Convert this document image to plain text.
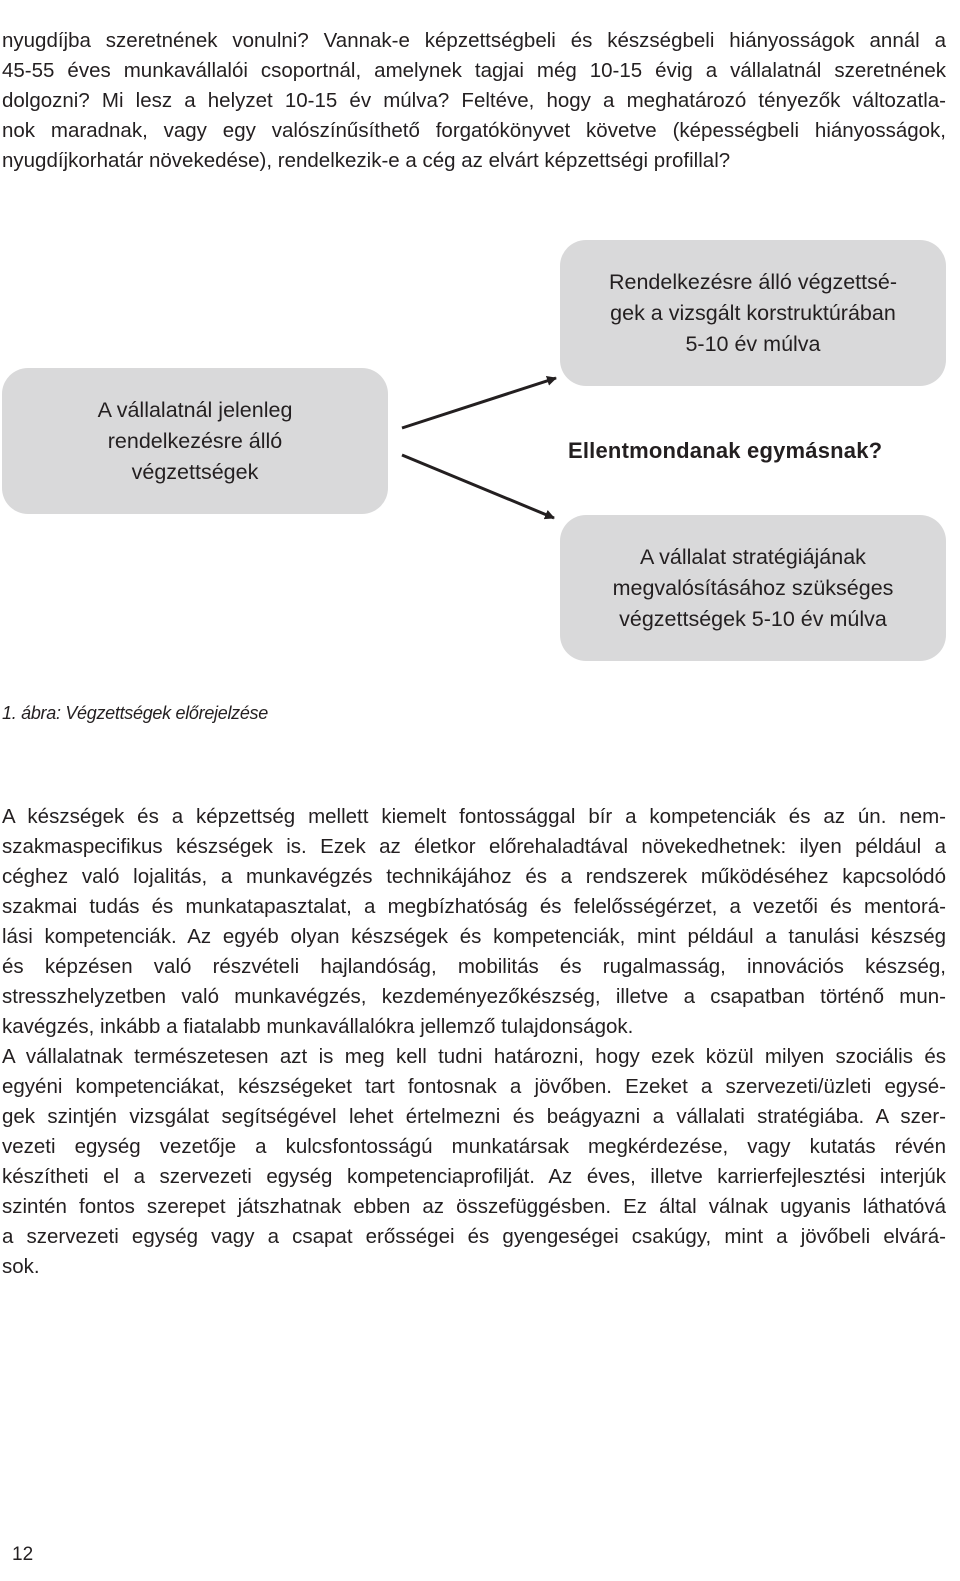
nyugdíjba szeretnének vonulni? Vannak-e képzettségbeli és készségbeli hiányosságok annál a
45-55 éves munkavállalói csoportnál, amelynek tagjai még 10-15 évig a vállalatnál szeretnének
dolgozni? Mi lesz a helyzet 10-15 év múlva? Feltéve, hogy a meghatározó tényezők változatla-
nok maradnak, vagy egy valószínűsíthető forgatókönyvet követve (képességbeli hiányosságok,
nyugdíjkorhatár növekedése), rendelkezik-e a cég az elvárt képzettségi profillal?
A vállalatnál jelenleg
rendelkezésre álló
végzettségek
Rendelkezésre álló végzettsé-
gek a vizsgált korstruktúrában
5-10 év múlva
A vállalat stratégiájának
megvalósításához szükséges
végzettségek 5-10 év múlva
Ellentmondanak egymásnak?
1. ábra: Végzettségek előrejelzése
A készségek és a képzettség mellett kiemelt fontossággal bír a kompetenciák és az ún. nem-
szakmaspecifikus készségek is. Ezek az életkor előrehaladtával növekedhetnek: ilyen például a
céghez való lojalitás, a munkavégzés technikájához és a rendszerek működéséhez kapcsolódó
szakmai tudás és munkatapasztalat, a megbízhatóság és felelősségérzet, a vezetői és mentorá-
lási kompetenciák. Az egyéb olyan készségek és kompetenciák, mint például a tanulási készség
és képzésen való részvételi hajlandóság, mobilitás és rugalmasság, innovációs készség,
stresszhelyzetben való munkavégzés, kezdeményezőkészség, illetve a csapatban történő mun-
kavégzés, inkább a fiatalabb munkavállalókra jellemző tulajdonságok.
A vállalatnak természetesen azt is meg kell tudni határozni, hogy ezek közül milyen szociális és
egyéni kompetenciákat, készségeket tart fontosnak a jövőben. Ezeket a szervezeti/üzleti egysé-
gek szintjén vizsgálat segítségével lehet értelmezni és beágyazni a vállalati stratégiába. A szer-
vezeti egység vezetője a kulcsfontosságú munkatársak megkérdezése, vagy kutatás révén
készítheti el a szervezeti egység kompetenciaprofilját. Az éves, illetve karrierfejlesztési interjúk
szintén fontos szerepet játszhatnak ebben az összefüggésben. Ez által válnak ugyanis láthatóvá
a szervezeti egység vagy a csapat erősségei és gyengeségei csakúgy, mint a jövőbeli elvárá-
sok.
12
